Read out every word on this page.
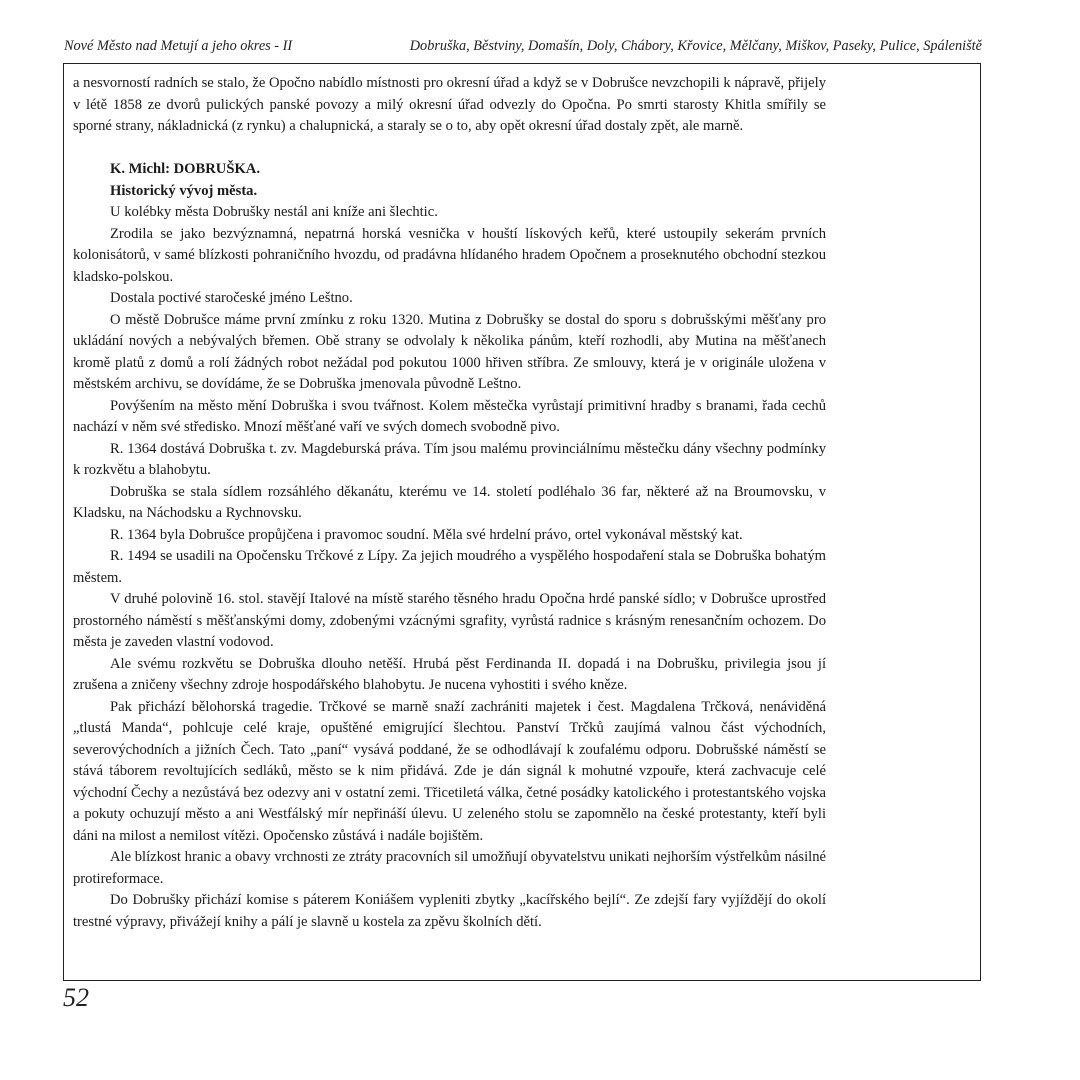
Nové Město nad Metují a jeho okres - II	Dobruška, Běstviny, Domašín, Doly, Chábory, Křovice, Mělčany, Miškov, Paseky, Pulice, Spáleniště

a nesvorností radních se stalo, že Opočno nabídlo místnosti pro okresní úřad a když se v Dobrušce nevzchopili k nápravě, přijely v létě 1858 ze dvorů pulických panské povozy a milý okresní úřad odvezly do Opočna. Po smrti starosty Khitla smířily se sporné strany, nákladnická (z rynku) a chalupnická, a staraly se o to, aby opět okresní úřad dostaly zpět, ale marně.

K. Michl: DOBRUŠKA.

Historický vývoj města.

U kolébky města Dobrušky nestál ani kníže ani šlechtic.

Zrodila se jako bezvýznamná, nepatrná horská vesnička v houští lískových keřů, které ustoupily sekerám prvních kolonisátorů, v samé blízkosti pohraničního hvozdu, od pradávna hlídaného hradem Opočnem a proseknutého obchodní stezkou kladsko-polskou.

Dostala poctivé staročeské jméno Leštno.

O městě Dobrušce máme první zmínku z roku 1320. Mutina z Dobrušky se dostal do sporu s dobrušskými měšťany pro ukládání nových a nebývalých břemen. Obě strany se odvolaly k několika pánům, kteří rozhodli, aby Mutina na měšťanech kromě platů z domů a rolí žádných robot nežádal pod pokutou 1000 hřiven stříbra. Ze smlouvy, která je v originále uložena v městském archivu, se dovídáme, že se Dobruška jmenovala původně Leštno.

Povýšením na město mění Dobruška i svou tvářnost. Kolem městečka vyrůstají primitivní hradby s branami, řada cechů nachází v něm své středisko. Mnozí měšťané vaří ve svých domech svobodně pivo.

R. 1364 dostává Dobruška t. zv. Magdeburská práva. Tím jsou malému provinciálnímu městečku dány všechny podmínky k rozkvětu a blahobytu.

Dobruška se stala sídlem rozsáhlého děkanátu, kterému ve 14. století podléhalo 36 far, některé až na Broumovsku, v Kladsku, na Náchodsku a Rychnovsku.

R. 1364 byla Dobrušce propůjčena i pravomoc soudní. Měla své hrdelní právo, ortel vykonával městský kat.

R. 1494 se usadili na Opočensku Trčkové z Lípy. Za jejich moudrého a vyspělého hospodaření stala se Dobruška bohatým městem.

V druhé polovině 16. stol. stavějí Italové na místě starého těsného hradu Opočna hrdé panské sídlo; v Dobrušce uprostřed prostorného náměstí s měšťanskými domy, zdobenými vzácnými sgrafity, vyrůstá radnice s krásným renesančním ochozem. Do města je zaveden vlastní vodovod.

Ale svému rozkvětu se Dobruška dlouho netěší. Hrubá pěst Ferdinanda II. dopadá i na Dobrušku, privilegia jsou jí zrušena a zničeny všechny zdroje hospodářského blahobytu. Je nucena vyhostiti i svého kněze.

Pak přichází bělohorská tragedie. Trčkové se marně snaží zachrániti majetek i čest. Magdalena Trčková, nenáviděná „tlustá Manda“, pohlcuje celé kraje, opuštěné emigrující šlechtou. Panství Trčků zaujímá valnou část východních, severovýchodních a jižních Čech. Tato „paní“ vysává poddané, že se odhodlávají k zoufalému odporu. Dobrušské náměstí se stává táborem revoltujících sedláků, město se k nim přidává. Zde je dán signál k mohutné vzpouře, která zachvacuje celé východní Čechy a nezůstává bez odezvy ani v ostatní zemi. Třicetiletá válka, četné posádky katolického i protestantského vojska a pokuty ochuzují město a ani Westfálský mír nepřináší úlevu. U zeleného stolu se zapomnělo na české protestanty, kteří byli dáni na milost a nemilost vítězi. Opočensko zůstává i nadále bojištěm.

Ale blízkost hranic a obavy vrchnosti ze ztráty pracovních sil umožňují obyvatelstvu unikati nejhorším výstřelkům násilné protireformace.

Do Dobrušky přichází komise s páterem Koniášem vypleniti zbytky „kacířského bejlí“. Ze zdejší fary vyjíždějí do okolí trestné výpravy, přivážejí knihy a pálí je slavně u kostela za zpěvu školních dětí.

52
